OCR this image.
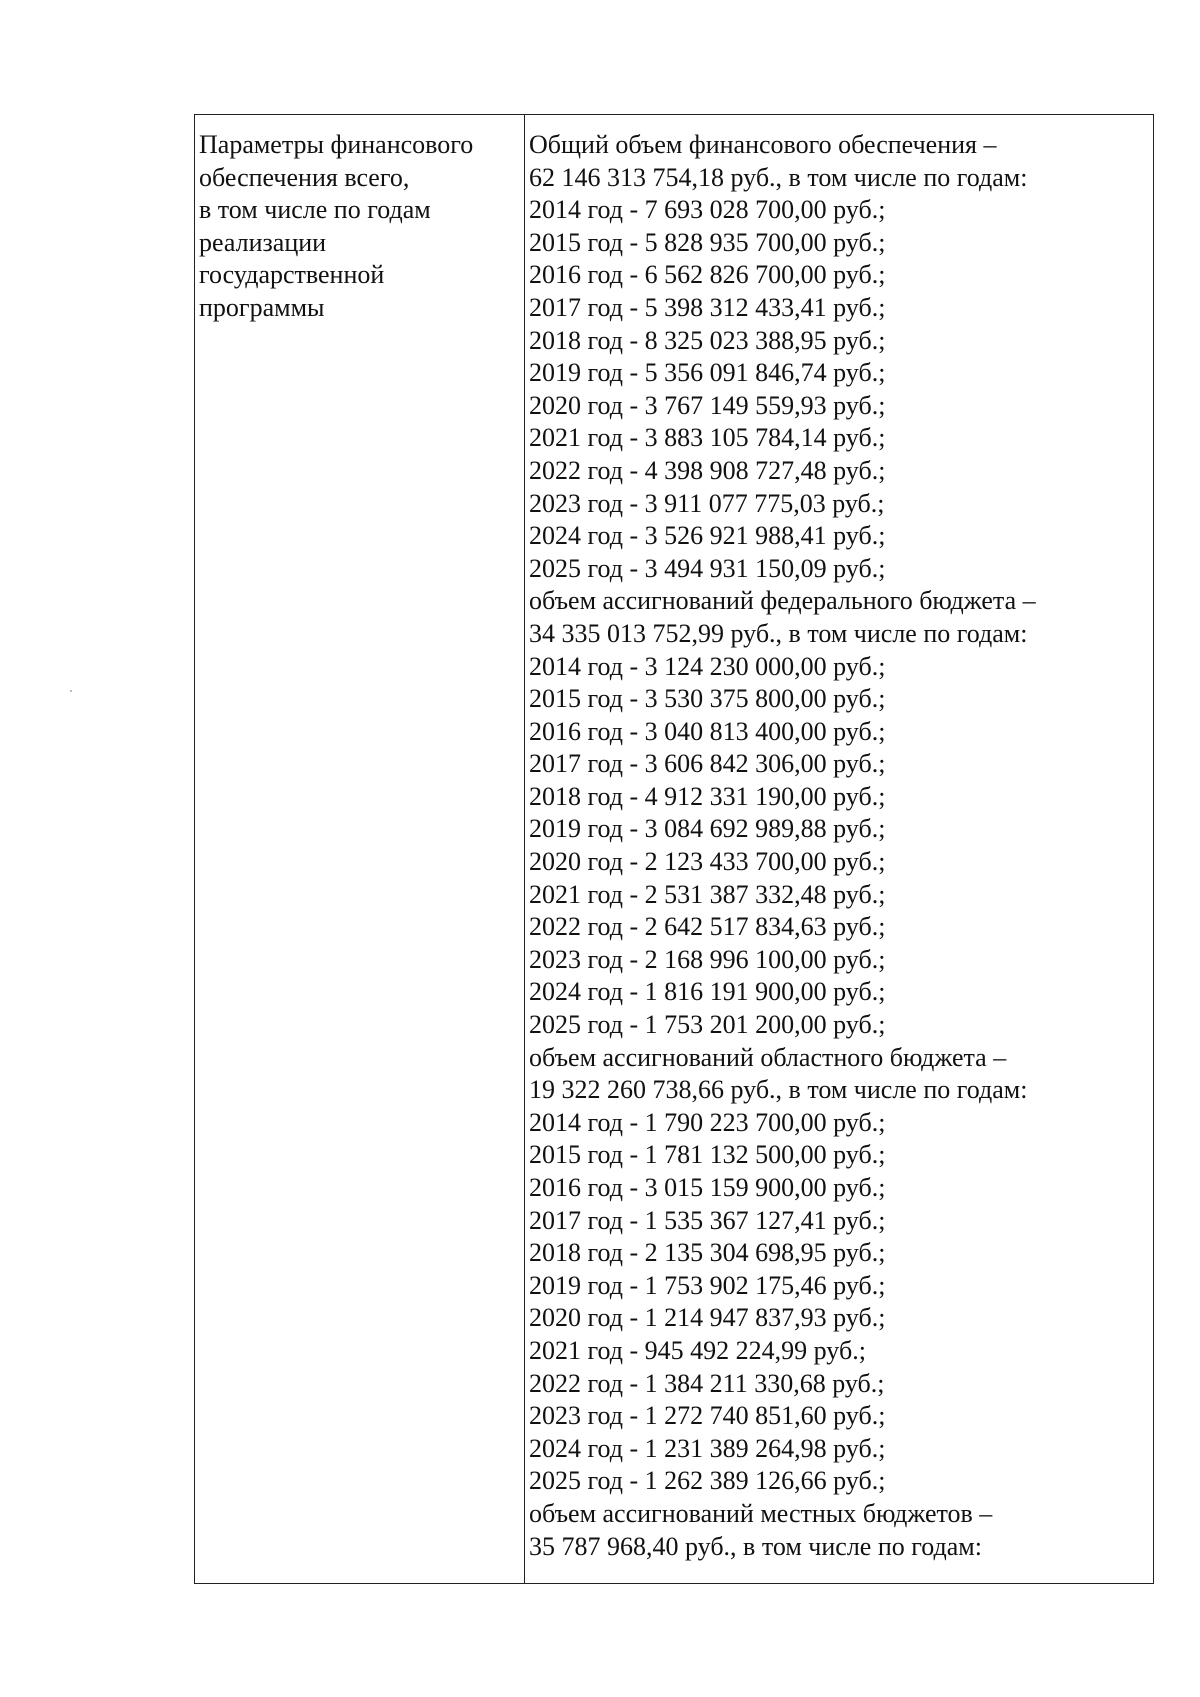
Параметры финансового
обеспечения всего,
в том числе по годам
реализации
государственной
программы
Общий объем финансового обеспечения –
62 146 313 754,18 руб., в том числе по годам:
2014 год - 7 693 028 700,00 руб.;
2015 год - 5 828 935 700,00 руб.;
2016 год - 6 562 826 700,00 руб.;
2017 год - 5 398 312 433,41 руб.;
2018 год - 8 325 023 388,95 руб.;
2019 год - 5 356 091 846,74 руб.;
2020 год - 3 767 149 559,93 руб.;
2021 год - 3 883 105 784,14 руб.;
2022 год - 4 398 908 727,48 руб.;
2023 год - 3 911 077 775,03 руб.;
2024 год - 3 526 921 988,41 руб.;
2025 год - 3 494 931 150,09 руб.;
объем ассигнований федерального бюджета –
34 335 013 752,99 руб., в том числе по годам:
2014 год - 3 124 230 000,00 руб.;
2015 год - 3 530 375 800,00 руб.;
2016 год - 3 040 813 400,00 руб.;
2017 год - 3 606 842 306,00 руб.;
2018 год - 4 912 331 190,00 руб.;
2019 год - 3 084 692 989,88 руб.;
2020 год - 2 123 433 700,00 руб.;
2021 год - 2 531 387 332,48 руб.;
2022 год - 2 642 517 834,63 руб.;
2023 год - 2 168 996 100,00 руб.;
2024 год - 1 816 191 900,00 руб.;
2025 год - 1 753 201 200,00 руб.;
объем ассигнований областного бюджета –
19 322 260 738,66 руб., в том числе по годам:
2014 год - 1 790 223 700,00 руб.;
2015 год - 1 781 132 500,00 руб.;
2016 год - 3 015 159 900,00 руб.;
2017 год - 1 535 367 127,41 руб.;
2018 год - 2 135 304 698,95 руб.;
2019 год - 1 753 902 175,46 руб.;
2020 год - 1 214 947 837,93 руб.;
2021 год - 945 492 224,99 руб.;
2022 год - 1 384 211 330,68 руб.;
2023 год - 1 272 740 851,60 руб.;
2024 год - 1 231 389 264,98 руб.;
2025 год - 1 262 389 126,66 руб.;
объем ассигнований местных бюджетов –
35 787 968,40 руб., в том числе по годам:
